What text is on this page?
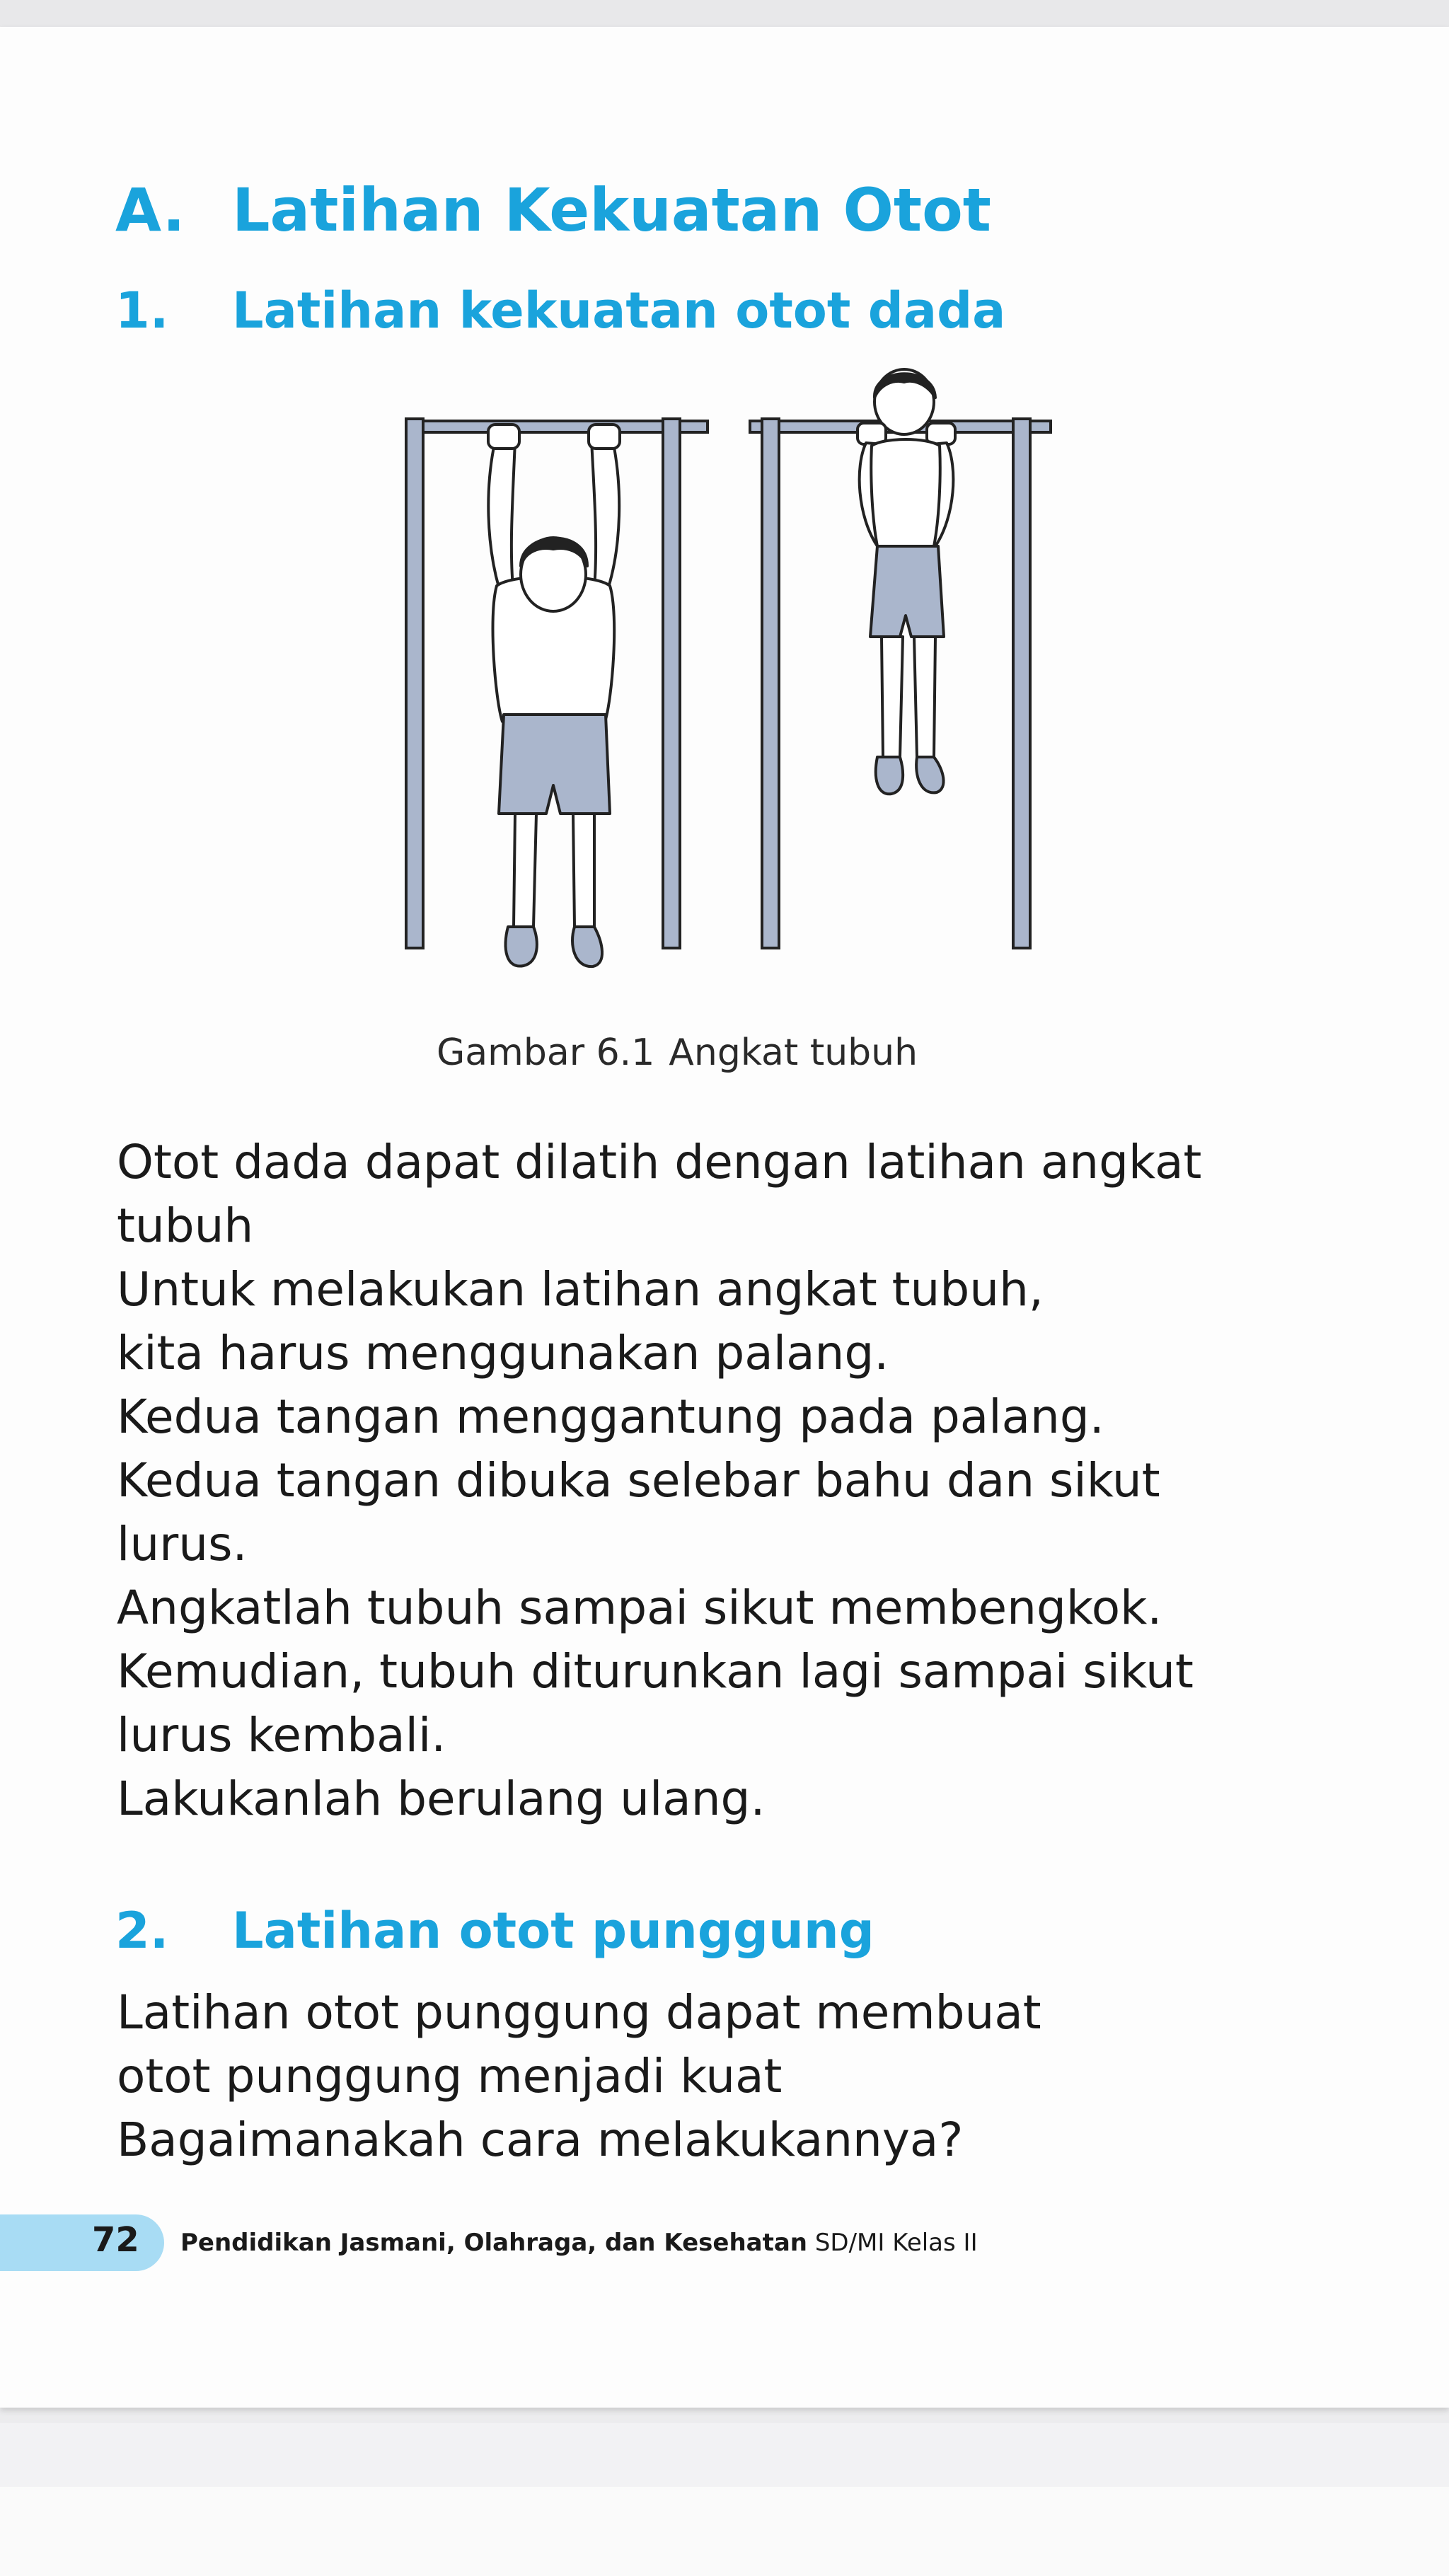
A. Latihan Kekuatan Otot
1. Latihan kekuatan otot dada
Gambar 6.1 Angkat tubuh

Otot dada dapat dilatih dengan latihan angkat
tubuh
Untuk melakukan latihan angkat tubuh,
kita harus menggunakan palang.
Kedua tangan menggantung pada palang.
Kedua tangan dibuka selebar bahu dan sikut
lurus.
Angkatlah tubuh sampai sikut membengkok.
Kemudian, tubuh diturunkan lagi sampai sikut
lurus kembali.
Lakukanlah berulang ulang.

2. Latihan otot punggung

Latihan otot punggung dapat membuat
otot punggung menjadi kuat
Bagaimanakah cara melakukannya?

72 Pendidikan Jasmani, Olahraga, dan Kesehatan SD/MI Kelas II
